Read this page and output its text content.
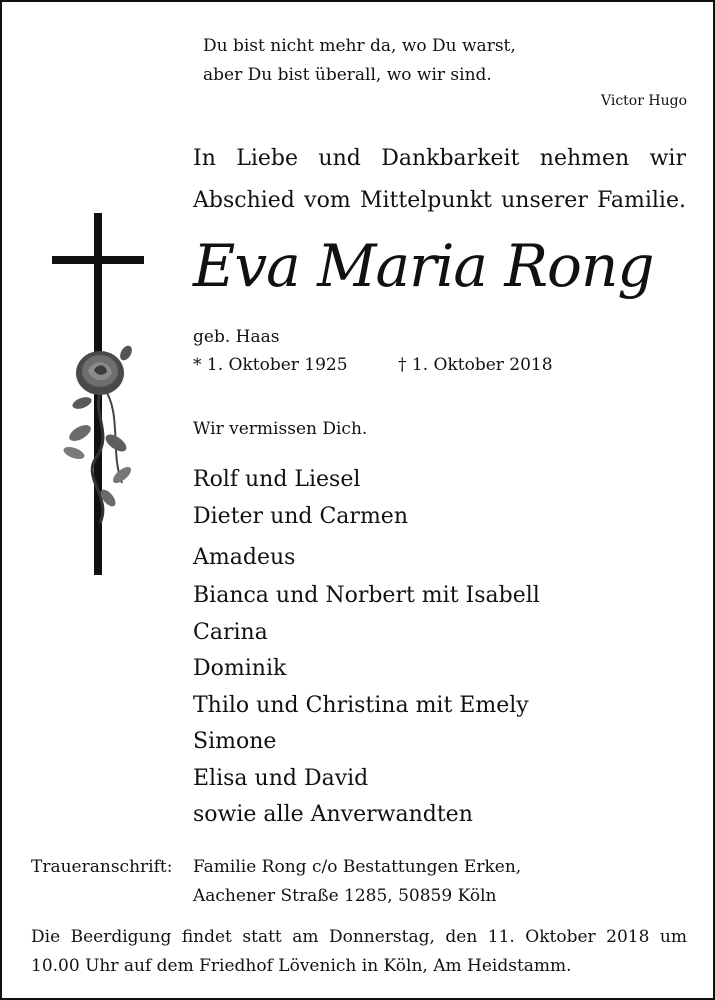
Du bist nicht mehr da, wo Du warst,
aber Du bist überall, wo wir sind.
Victor Hugo
In Liebe und Dankbarkeit nehmen wir
Abschied vom Mittelpunkt unserer Familie.
Eva Maria Rong
geb. Haas
* 1. Oktober 1925	† 1. Oktober 2018
Wir vermissen Dich.
Rolf und Liesel
Dieter und Carmen
Amadeus
Bianca und Norbert mit Isabell
Carina
Dominik
Thilo und Christina mit Emely
Simone
Elisa und David
sowie alle Anverwandten
Traueranschrift: Familie Rong c/o Bestattungen Erken,
Aachener Straße 1285, 50859 Köln
Die Beerdigung findet statt am Donnerstag, den 11. Oktober 2018 um
10.00 Uhr auf dem Friedhof Lövenich in Köln, Am Heidstamm.
